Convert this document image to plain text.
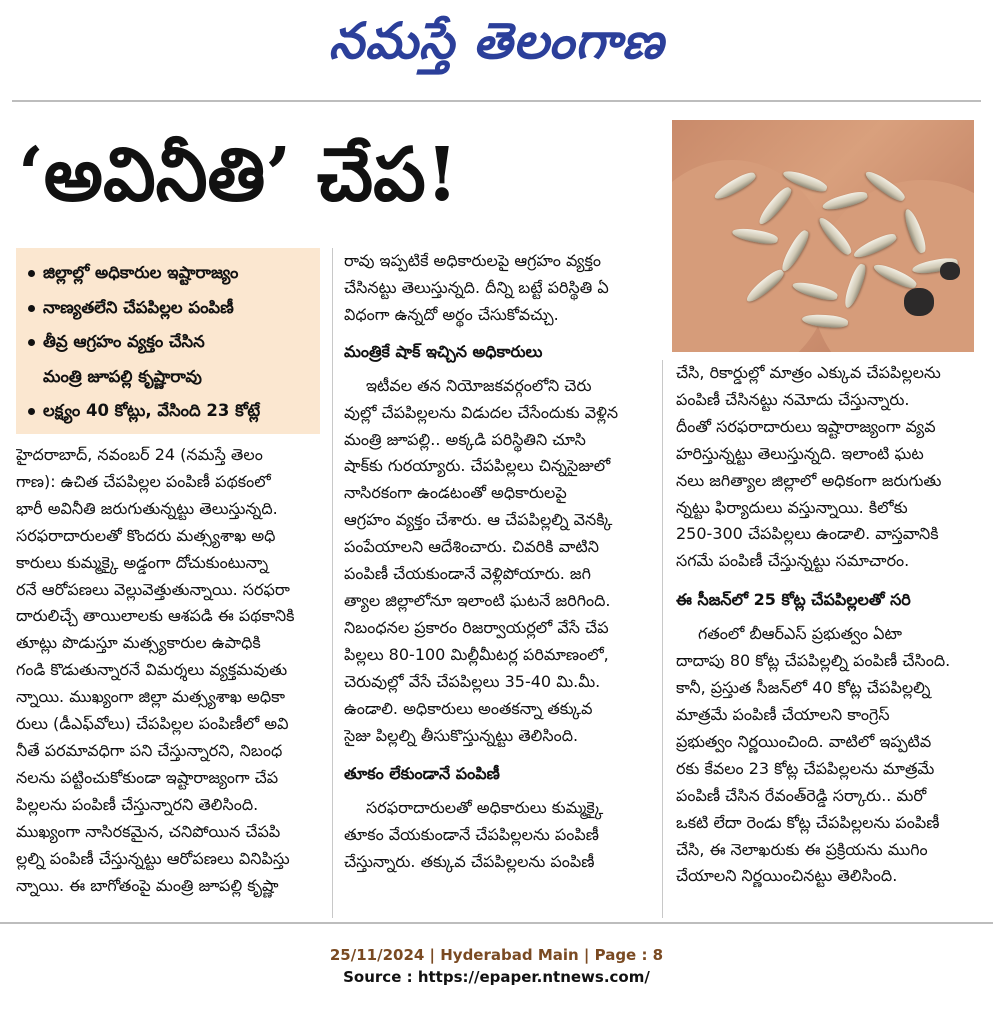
నమస్తే తెలంగాణ
‘అవినీతి’ చేప!
జిల్లాల్లో అధికారుల ఇష్టారాజ్యం
నాణ్యతలేని చేపపిల్లల పంపిణీ
తీవ్ర ఆగ్రహం వ్యక్తం చేసిన
మంత్రి జూపల్లి కృష్ణారావు
లక్ష్యం 40 కోట్లు, వేసింది 23 కోట్లే
హైదరాబాద్, నవంబర్ 24 (నమస్తే తెలం
గాణ): ఉచిత చేపపిల్లల పంపిణీ పథకంలో
భారీ అవినీతి జరుగుతున్నట్టు తెలుస్తున్నది.
సరఫరాదారులతో కొందరు మత్స్యశాఖ అధి
కారులు కుమ్మక్కై అడ్డంగా దోచుకుంటున్నా
రనే ఆరోపణలు వెల్లువెత్తుతున్నాయి. సరఫరా
దారులిచ్చే తాయిలాలకు ఆశపడి ఈ పథకానికి
తూట్లు పొడుస్తూ మత్స్యకారుల ఉపాధికి
గండి కొడుతున్నారనే విమర్శలు వ్యక్తమవుతు
న్నాయి. ముఖ్యంగా జిల్లా మత్స్యశాఖ అధికా
రులు (డీఎఫ్‌వోలు) చేపపిల్లల పంపిణీలో అవి
నీతే పరమావధిగా పని చేస్తున్నారని, నిబంధ
నలను పట్టించుకోకుండా ఇష్టారాజ్యంగా చేప
పిల్లలను పంపిణీ చేస్తున్నారని తెలిసింది.
ముఖ్యంగా నాసిరకమైన, చనిపోయిన చేపపి
ల్లల్ని పంపిణీ చేస్తున్నట్టు ఆరోపణలు వినిపిస్తు
న్నాయి. ఈ బాగోతంపై మంత్రి జూపల్లి కృష్ణా
రావు ఇప్పటికే అధికారులపై ఆగ్రహం వ్యక్తం
చేసినట్టు తెలుస్తున్నది. దీన్ని బట్టే పరిస్థితి ఏ
విధంగా ఉన్నదో అర్థం చేసుకోవచ్చు.
మంత్రికే షాక్ ఇచ్చిన అధికారులు
ఇటీవల తన నియోజకవర్గంలోని చెరు
వుల్లో చేపపిల్లలను విడుదల చేసేందుకు వెళ్లిన
మంత్రి జూపల్లి.. అక్కడి పరిస్థితిని చూసి
షాక్‌కు గురయ్యారు. చేపపిల్లలు చిన్నసైజులో
నాసిరకంగా ఉండటంతో అధికారులపై
ఆగ్రహం వ్యక్తం చేశారు. ఆ చేపపిల్లల్ని వెనక్కి
పంపేయాలని ఆదేశించారు. చివరికి వాటిని
పంపిణీ చేయకుండానే వెళ్లిపోయారు. జగి
త్యాల జిల్లాలోనూ ఇలాంటి ఘటనే జరిగింది.
నిబంధనల ప్రకారం రిజర్వాయర్లలో వేసే చేప
పిల్లలు 80-100 మిల్లీమీటర్ల పరిమాణంలో,
చెరువుల్లో వేసే చేపపిల్లలు 35-40 మి.మీ.
ఉండాలి. అధికారులు అంతకన్నా తక్కువ
సైజు పిల్లల్ని తీసుకొస్తున్నట్టు తెలిసింది.
తూకం లేకుండానే పంపిణీ
సరఫరాదారులతో అధికారులు కుమ్మక్కై
తూకం వేయకుండానే చేపపిల్లలను పంపిణీ
చేస్తున్నారు. తక్కువ చేపపిల్లలను పంపిణీ
చేసి, రికార్డుల్లో మాత్రం ఎక్కువ చేపపిల్లలను
పంపిణీ చేసినట్టు నమోదు చేస్తున్నారు.
దీంతో సరఫరాదారులు ఇష్టారాజ్యంగా వ్యవ
హరిస్తున్నట్టు తెలుస్తున్నది. ఇలాంటి ఘట
నలు జగిత్యాల జిల్లాలో అధికంగా జరుగుతు
న్నట్టు ఫిర్యాదులు వస్తున్నాయి. కిలోకు
250-300 చేపపిల్లలు ఉండాలి. వాస్తవానికి
సగమే పంపిణీ చేస్తున్నట్టు సమాచారం.
ఈ సీజన్‌లో 25 కోట్ల చేపపిల్లలతో సరి
గతంలో బీఆర్ఎస్ ప్రభుత్వం ఏటా
దాదాపు 80 కోట్ల చేపపిల్లల్ని పంపిణీ చేసింది.
కానీ, ప్రస్తుత సీజన్‌లో 40 కోట్ల చేపపిల్లల్ని
మాత్రమే పంపిణీ చేయాలని కాంగ్రెస్
ప్రభుత్వం నిర్ణయించింది. వాటిలో ఇప్పటివ
రకు కేవలం 23 కోట్ల చేపపిల్లలను మాత్రమే
పంపిణీ చేసిన రేవంత్‌రెడ్డి సర్కారు.. మరో
ఒకటి లేదా రెండు కోట్ల చేపపిల్లలను పంపిణీ
చేసి, ఈ నెలాఖరుకు ఈ ప్రక్రియను ముగిం
చేయాలని నిర్ణయించినట్టు తెలిసింది.
25/11/2024 | Hyderabad Main | Page : 8
Source : https://epaper.ntnews.com/
